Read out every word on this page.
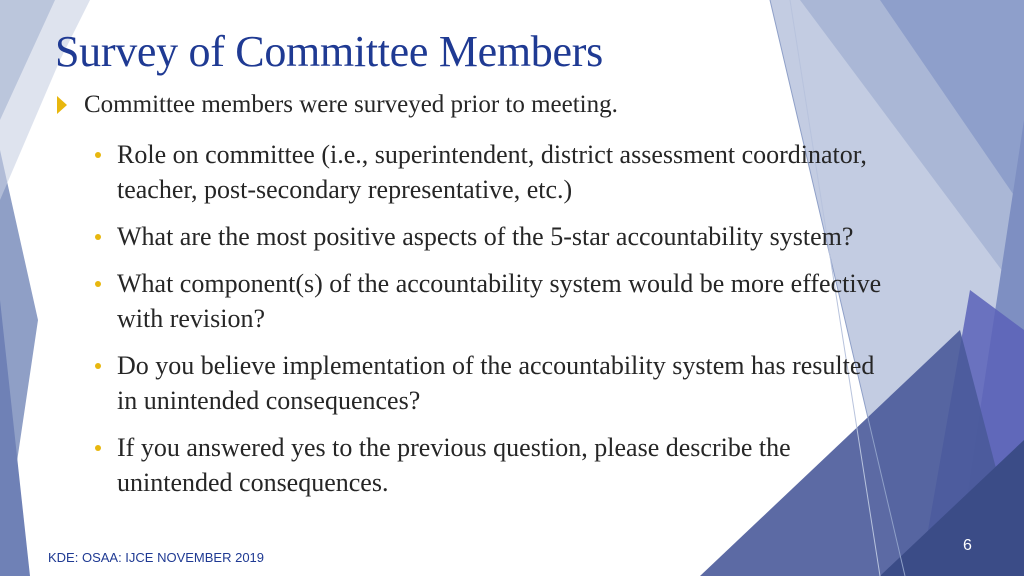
Survey of Committee Members
Committee members were surveyed prior to meeting.
Role on committee (i.e., superintendent, district assessment coordinator, teacher, post-secondary representative, etc.)
What are the most positive aspects of the 5-star accountability system?
What component(s) of the accountability system would be more effective with revision?
Do you believe implementation of the accountability system has resulted in unintended consequences?
If you answered yes to the previous question, please describe the unintended consequences.
KDE: OSAA: IJCE NOVEMBER 2019
6
